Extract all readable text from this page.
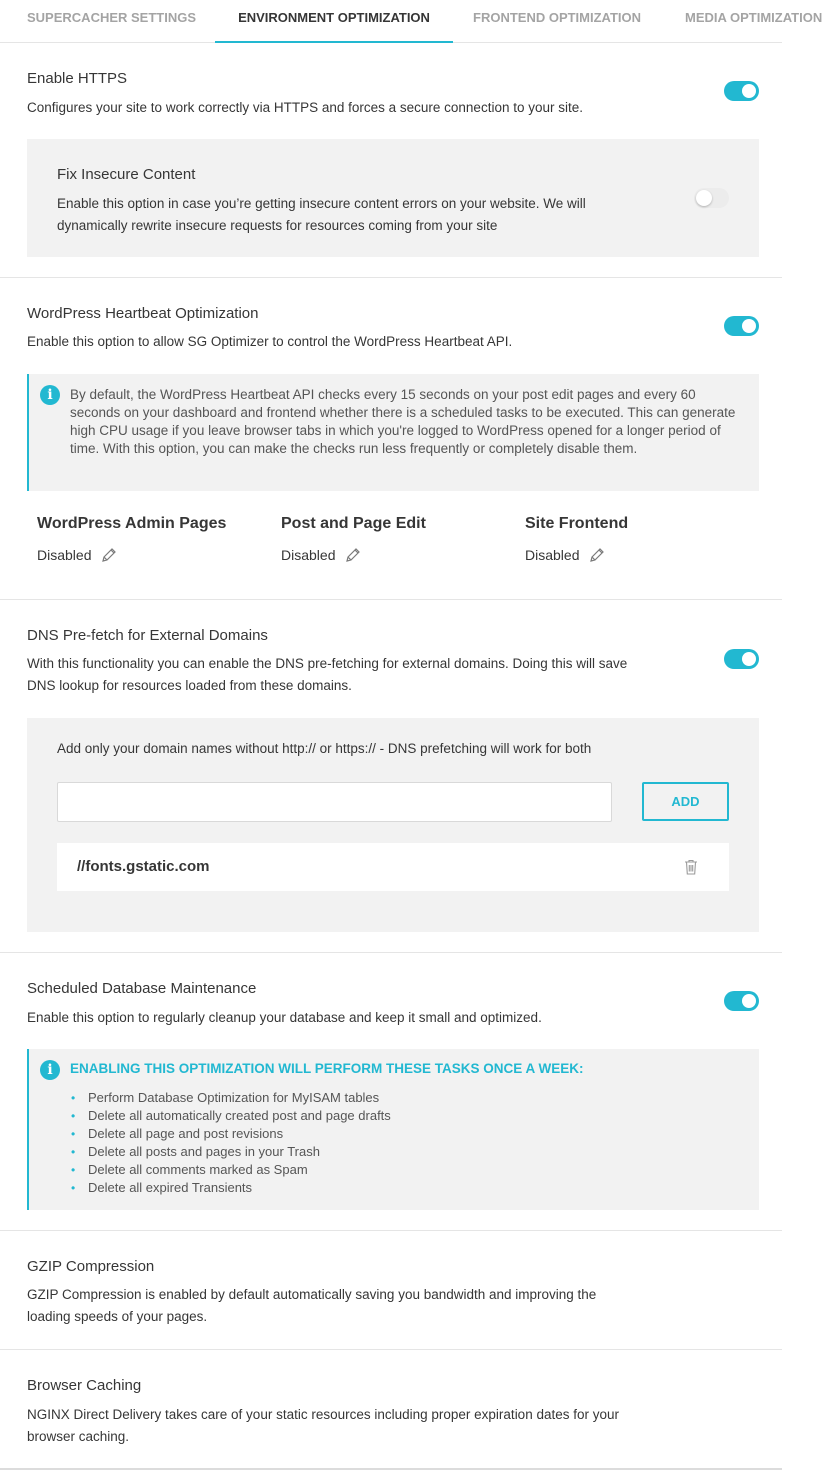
SUPERCACHER SETTINGS	ENVIRONMENT OPTIMIZATION	FRONTEND OPTIMIZATION	MEDIA OPTIMIZATION
Enable HTTPS
Configures your site to work correctly via HTTPS and forces a secure connection to your site.
Fix Insecure Content
Enable this option in case you’re getting insecure content errors on your website. We will dynamically rewrite insecure requests for resources coming from your site
WordPress Heartbeat Optimization
Enable this option to allow SG Optimizer to control the WordPress Heartbeat API.
i	By default, the WordPress Heartbeat API checks every 15 seconds on your post edit pages and every 60 seconds on your dashboard and frontend whether there is a scheduled tasks to be executed. This can generate high CPU usage if you leave browser tabs in which you're logged to WordPress opened for a longer period of time. With this option, you can make the checks run less frequently or completely disable them.
WordPress Admin Pages
Disabled
Post and Page Edit
Disabled
Site Frontend
Disabled
DNS Pre-fetch for External Domains
With this functionality you can enable the DNS pre-fetching for external domains. Doing this will save DNS lookup for resources loaded from these domains.
Add only your domain names without http:// or https:// - DNS prefetching will work for both
ADD
//fonts.gstatic.com
Scheduled Database Maintenance
Enable this option to regularly cleanup your database and keep it small and optimized.
i	ENABLING THIS OPTIMIZATION WILL PERFORM THESE TASKS ONCE A WEEK:
• Perform Database Optimization for MyISAM tables
• Delete all automatically created post and page drafts
• Delete all page and post revisions
• Delete all posts and pages in your Trash
• Delete all comments marked as Spam
• Delete all expired Transients
GZIP Compression
GZIP Compression is enabled by default automatically saving you bandwidth and improving the loading speeds of your pages.
Browser Caching
NGINX Direct Delivery takes care of your static resources including proper expiration dates for your browser caching.
